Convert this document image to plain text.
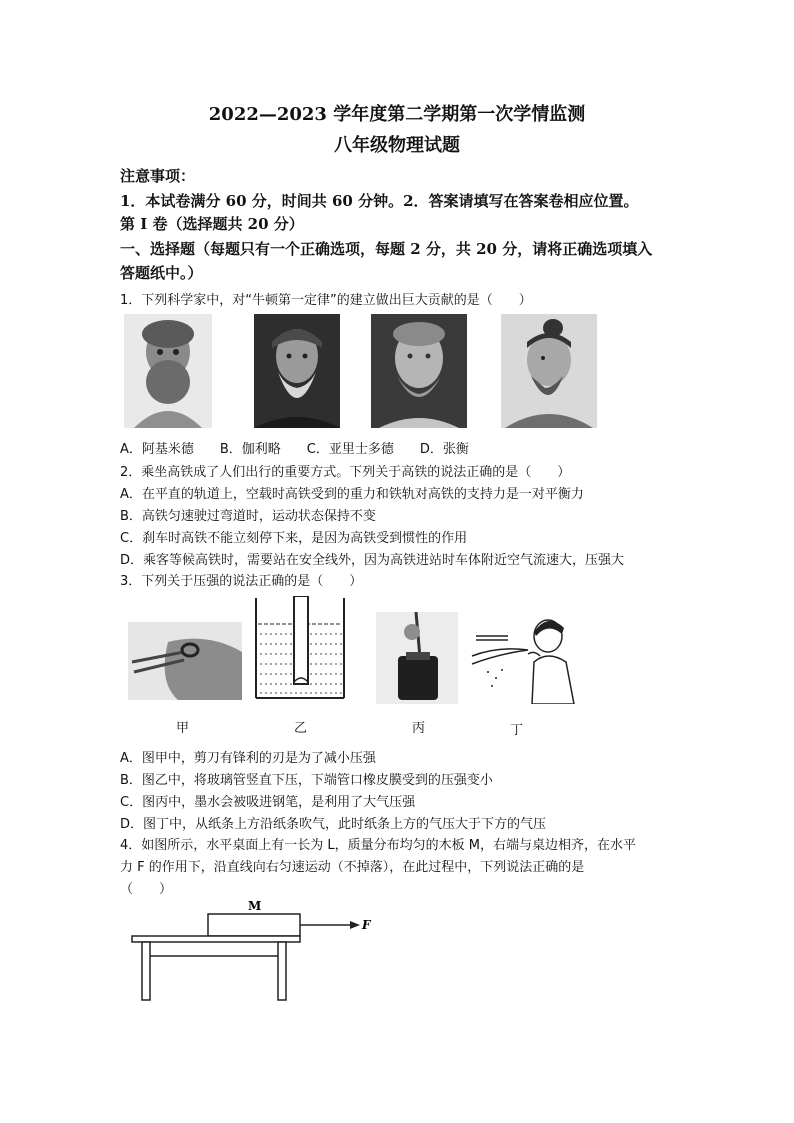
2022—2023 学年度第二学期第一次学情监测
八年级物理试题
注意事项：
1．本试卷满分 60 分，时间共 60 分钟。2．答案请填写在答案卷相应位置。
第 I 卷（选择题共 20 分）
一、选择题（每题只有一个正确选项，每题 2 分，共 20 分，请将正确选项填入
答题纸中。）
1．下列科学家中，对“牛顿第一定律”的建立做出巨大贡献的是（　　）
A．阿基米德　　B．伽利略　　C．亚里士多德　　D．张衡
2．乘坐高铁成了人们出行的重要方式。下列关于高铁的说法正确的是（　　）
A．在平直的轨道上，空载时高铁受到的重力和铁轨对高铁的支持力是一对平衡力
B．高铁匀速驶过弯道时，运动状态保持不变
C．刹车时高铁不能立刻停下来，是因为高铁受到惯性的作用
D．乘客等候高铁时，需要站在安全线外，因为高铁进站时车体附近空气流速大，压强大
3．下列关于压强的说法正确的是（　　）
甲	乙	丙	丁
A．图甲中，剪刀有锋利的刃是为了减小压强
B．图乙中，将玻璃管竖直下压，下端管口橡皮膜受到的压强变小
C．图丙中，墨水会被吸进钢笔，是利用了大气压强
D．图丁中，从纸条上方沿纸条吹气，此时纸条上方的气压大于下方的气压
4．如图所示，水平桌面上有一长为 L，质量分布均匀的木板 M，右端与桌边相齐，在水平
力 F 的作用下，沿直线向右匀速运动（不掉落），在此过程中，下列说法正确的是
（　　）
M
F
